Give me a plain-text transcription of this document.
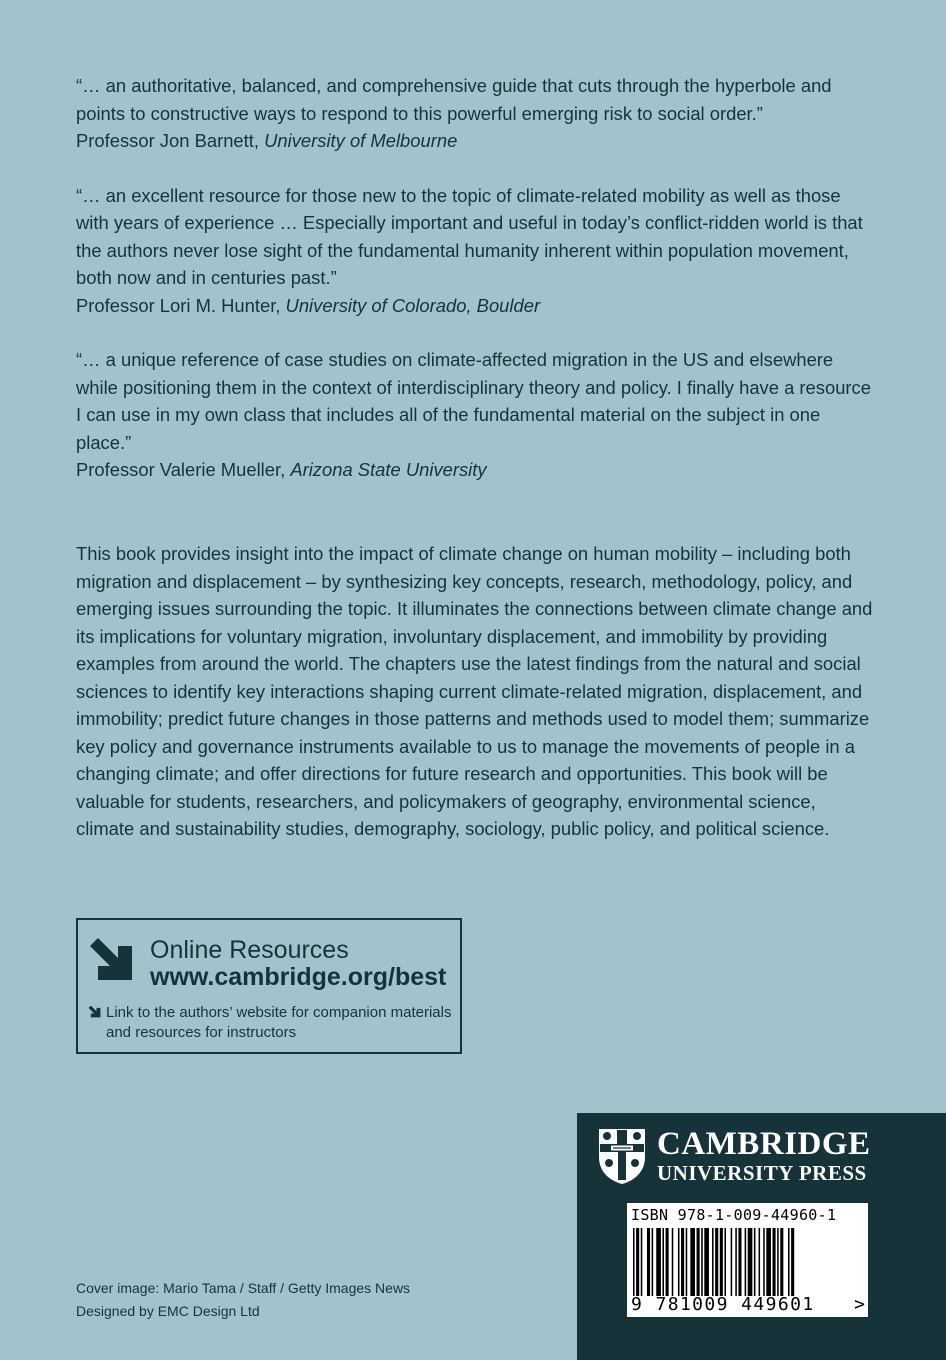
“… an authoritative, balanced, and comprehensive guide that cuts through the hyperbole and points to constructive ways to respond to this powerful emerging risk to social order.”
Professor Jon Barnett, University of Melbourne
“… an excellent resource for those new to the topic of climate-related mobility as well as those with years of experience … Especially important and useful in today’s conflict-ridden world is that the authors never lose sight of the fundamental humanity inherent within population movement, both now and in centuries past.”
Professor Lori M. Hunter, University of Colorado, Boulder
“… a unique reference of case studies on climate-affected migration in the US and elsewhere while positioning them in the context of interdisciplinary theory and policy. I finally have a resource I can use in my own class that includes all of the fundamental material on the subject in one place.”
Professor Valerie Mueller, Arizona State University
This book provides insight into the impact of climate change on human mobility – including both migration and displacement – by synthesizing key concepts, research, methodology, policy, and emerging issues surrounding the topic. It illuminates the connections between climate change and its implications for voluntary migration, involuntary displacement, and immobility by providing examples from around the world. The chapters use the latest findings from the natural and social sciences to identify key interactions shaping current climate-related migration, displacement, and immobility; predict future changes in those patterns and methods used to model them; summarize key policy and governance instruments available to us to manage the movements of people in a changing climate; and offer directions for future research and opportunities. This book will be valuable for students, researchers, and policymakers of geography, environmental science, climate and sustainability studies, demography, sociology, public policy, and political science.
Online Resources
www.cambridge.org/best
Link to the authors’ website for companion materials and resources for instructors
Cover image: Mario Tama / Staff / Getty Images News
Designed by EMC Design Ltd
CAMBRIDGE
UNIVERSITY PRESS
ISBN 978-1-009-44960-1
9 781009 449601 >
